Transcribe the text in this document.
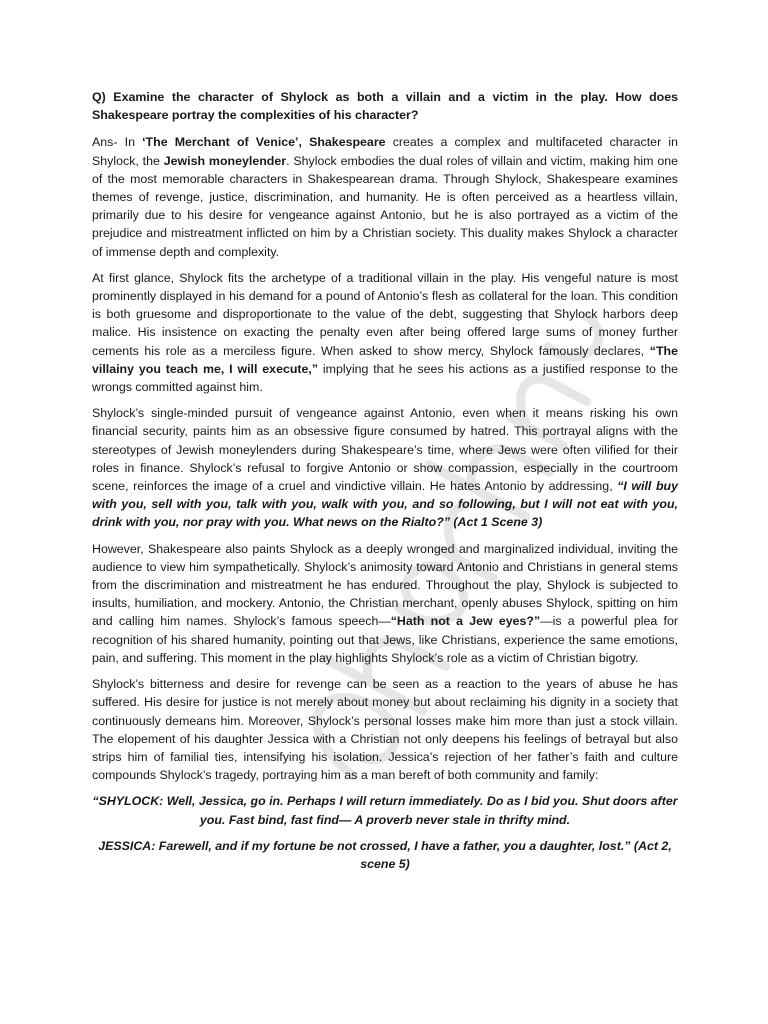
Q) Examine the character of Shylock as both a villain and a victim in the play. How does Shakespeare portray the complexities of his character?

Ans- In ‘The Merchant of Venice’, Shakespeare creates a complex and multifaceted character in Shylock, the Jewish moneylender. Shylock embodies the dual roles of villain and victim, making him one of the most memorable characters in Shakespearean drama. Through Shylock, Shakespeare examines themes of revenge, justice, discrimination, and humanity. He is often perceived as a heartless villain, primarily due to his desire for vengeance against Antonio, but he is also portrayed as a victim of the prejudice and mistreatment inflicted on him by a Christian society. This duality makes Shylock a character of immense depth and complexity.

At first glance, Shylock fits the archetype of a traditional villain in the play. His vengeful nature is most prominently displayed in his demand for a pound of Antonio’s flesh as collateral for the loan. This condition is both gruesome and disproportionate to the value of the debt, suggesting that Shylock harbors deep malice. His insistence on exacting the penalty even after being offered large sums of money further cements his role as a merciless figure. When asked to show mercy, Shylock famously declares, “The villainy you teach me, I will execute,” implying that he sees his actions as a justified response to the wrongs committed against him.

Shylock’s single-minded pursuit of vengeance against Antonio, even when it means risking his own financial security, paints him as an obsessive figure consumed by hatred. This portrayal aligns with the stereotypes of Jewish moneylenders during Shakespeare’s time, where Jews were often vilified for their roles in finance. Shylock’s refusal to forgive Antonio or show compassion, especially in the courtroom scene, reinforces the image of a cruel and vindictive villain. He hates Antonio by addressing, “I will buy with you, sell with you, talk with you, walk with you, and so following, but I will not eat with you, drink with you, nor pray with you. What news on the Rialto?” (Act 1 Scene 3)

However, Shakespeare also paints Shylock as a deeply wronged and marginalized individual, inviting the audience to view him sympathetically. Shylock’s animosity toward Antonio and Christians in general stems from the discrimination and mistreatment he has endured. Throughout the play, Shylock is subjected to insults, humiliation, and mockery. Antonio, the Christian merchant, openly abuses Shylock, spitting on him and calling him names. Shylock’s famous speech—“Hath not a Jew eyes?”—is a powerful plea for recognition of his shared humanity, pointing out that Jews, like Christians, experience the same emotions, pain, and suffering. This moment in the play highlights Shylock’s role as a victim of Christian bigotry.

Shylock’s bitterness and desire for revenge can be seen as a reaction to the years of abuse he has suffered. His desire for justice is not merely about money but about reclaiming his dignity in a society that continuously demeans him. Moreover, Shylock’s personal losses make him more than just a stock villain. The elopement of his daughter Jessica with a Christian not only deepens his feelings of betrayal but also strips him of familial ties, intensifying his isolation. Jessica’s rejection of her father’s faith and culture compounds Shylock’s tragedy, portraying him as a man bereft of both community and family:

“SHYLOCK: Well, Jessica, go in. Perhaps I will return immediately. Do as I bid you. Shut doors after you. Fast bind, fast find— A proverb never stale in thrifty mind.

JESSICA: Farewell, and if my fortune be not crossed, I have a father, you a daughter, lost.” (Act 2, scene 5)
